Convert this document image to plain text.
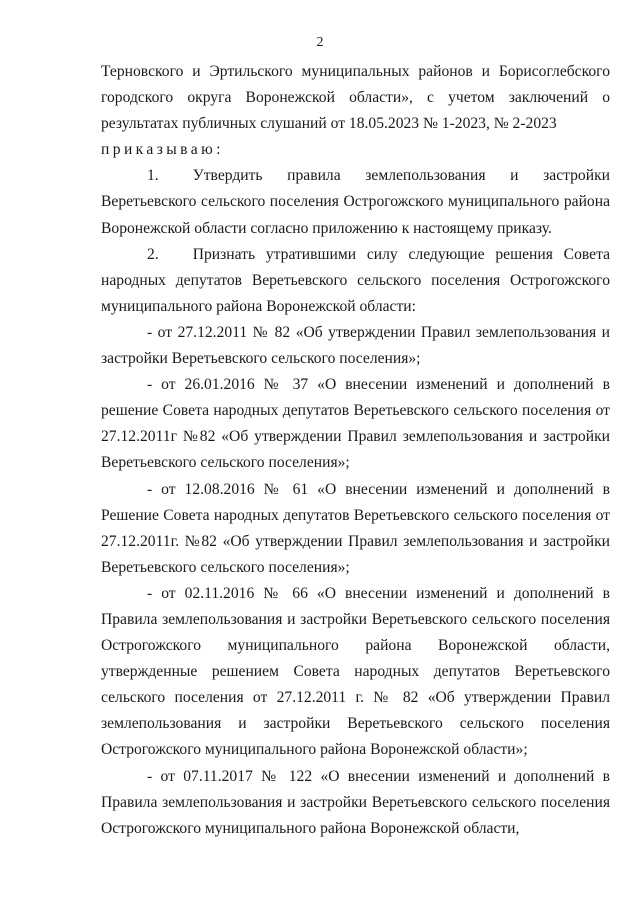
2

Терновского и Эртильского муниципальных районов и Борисоглебского городского округа Воронежской области», с учетом заключений о результатах публичных слушаний от 18.05.2023 № 1-2023, № 2-2023

приказываю:

1. Утвердить правила землепользования и застройки Веретьевского сельского поселения Острогожского муниципального района Воронежской области согласно приложению к настоящему приказу.

2. Признать утратившими силу следующие решения Совета народных депутатов Веретьевского сельского поселения Острогожского муниципального района Воронежской области:

- от 27.12.2011 № 82 «Об утверждении Правил землепользования и застройки Веретьевского сельского поселения»;

- от 26.01.2016 № 37 «О внесении изменений и дополнений в решение Совета народных депутатов Веретьевского сельского поселения от 27.12.2011г №82 «Об утверждении Правил землепользования и застройки Веретьевского сельского поселения»;

- от 12.08.2016 № 61 «О внесении изменений и дополнений в Решение Совета народных депутатов Веретьевского сельского поселения от 27.12.2011г. №82 «Об утверждении Правил землепользования и застройки Веретьевского сельского поселения»;

- от 02.11.2016 № 66 «О внесении изменений и дополнений в Правила землепользования и застройки Веретьевского сельского поселения Острогожского муниципального района Воронежской области, утвержденные решением Совета народных депутатов Веретьевского сельского поселения от 27.12.2011 г. № 82 «Об утверждении Правил землепользования и застройки Веретьевского сельского поселения Острогожского муниципального района Воронежской области»;

- от 07.11.2017 № 122 «О внесении изменений и дополнений в Правила землепользования и застройки Веретьевского сельского поселения Острогожского муниципального района Воронежской области,
